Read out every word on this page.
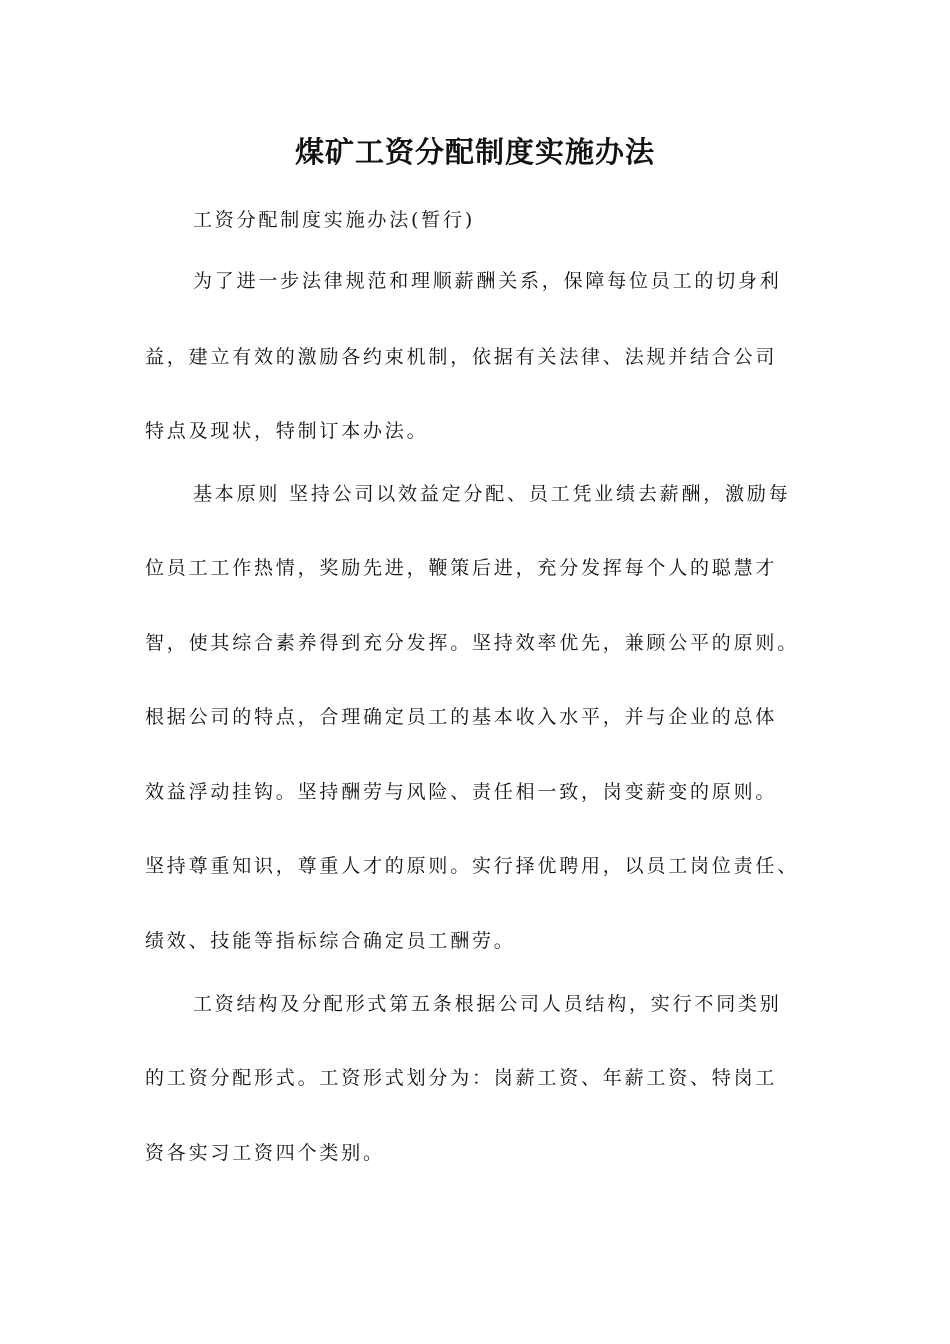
煤矿工资分配制度实施办法
工资分配制度实施办法(暂行)
为了进一步法律规范和理顺薪酬关系，保障每位员工的切身利
益，建立有效的激励各约束机制，依据有关法律、法规并结合公司
特点及现状，特制订本办法。
基本原则 坚持公司以效益定分配、员工凭业绩去薪酬，激励每
位员工工作热情，奖励先进，鞭策后进，充分发挥每个人的聪慧才
智，使其综合素养得到充分发挥。坚持效率优先，兼顾公平的原则。
根据公司的特点，合理确定员工的基本收入水平，并与企业的总体
效益浮动挂钩。坚持酬劳与风险、责任相一致，岗变薪变的原则。
坚持尊重知识，尊重人才的原则。实行择优聘用，以员工岗位责任、
绩效、技能等指标综合确定员工酬劳。
工资结构及分配形式第五条根据公司人员结构，实行不同类别
的工资分配形式。工资形式划分为：岗薪工资、年薪工资、特岗工
资各实习工资四个类别。
